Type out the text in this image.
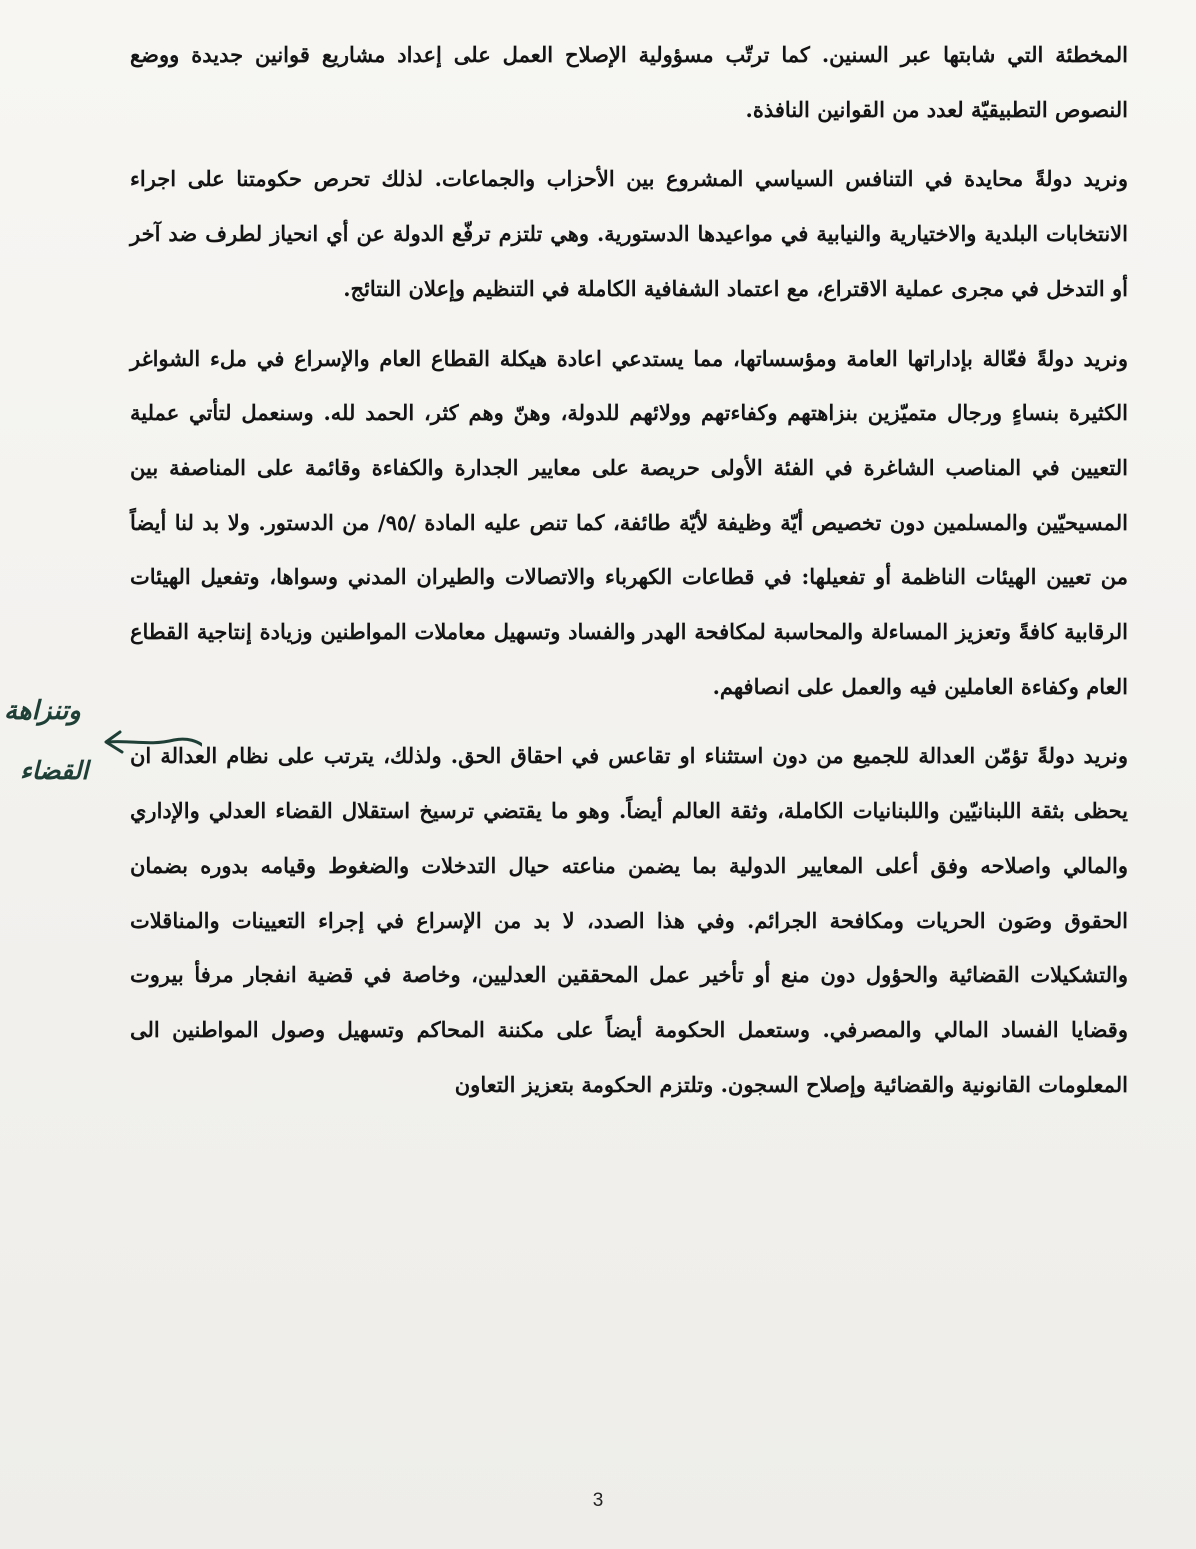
المخطئة التي شابتها عبر السنين. كما ترتّب مسؤولية الإصلاح العمل على إعداد مشاريع قوانين جديدة ووضع النصوص التطبيقيّة لعدد من القوانين النافذة.

ونريد دولةً محايدة في التنافس السياسي المشروع بين الأحزاب والجماعات. لذلك تحرص حكومتنا على اجراء الانتخابات البلدية والاختيارية والنيابية في مواعيدها الدستورية. وهي تلتزم ترفّع الدولة عن أي انحياز لطرف ضد آخر أو التدخل في مجرى عملية الاقتراع، مع اعتماد الشفافية الكاملة في التنظيم وإعلان النتائج.

ونريد دولةً فعّالة بإداراتها العامة ومؤسساتها، مما يستدعي اعادة هيكلة القطاع العام والإسراع في ملء الشواغر الكثيرة بنساءٍ ورجال متميّزين بنزاهتهم وكفاءتهم وولائهم للدولة، وهنّ وهم كثر، الحمد لله. وسنعمل لتأتي عملية التعيين في المناصب الشاغرة في الفئة الأولى حريصة على معايير الجدارة والكفاءة وقائمة على المناصفة بين المسيحيّين والمسلمين دون تخصيص أيّة وظيفة لأيّة طائفة، كما تنص عليه المادة /٩٥/ من الدستور. ولا بد لنا أيضاً من تعيين الهيئات الناظمة أو تفعيلها: في قطاعات الكهرباء والاتصالات والطيران المدني وسواها، وتفعيل الهيئات الرقابية كافةً وتعزيز المساءلة والمحاسبة لمكافحة الهدر والفساد وتسهيل معاملات المواطنين وزيادة إنتاجية القطاع العام وكفاءة العاملين فيه والعمل على انصافهم.

ونريد دولةً تؤمّن العدالة للجميع من دون استثناء او تقاعس في احقاق الحق. ولذلك، يترتب على نظام العدالة ان يحظى بثقة اللبنانيّين واللبنانيات الكاملة، وثقة العالم أيضاً. وهو ما يقتضي ترسيخ استقلال القضاء العدلي والإداري والمالي واصلاحه وفق أعلى المعايير الدولية بما يضمن مناعته حيال التدخلات والضغوط وقيامه بدوره بضمان الحقوق وصَون الحريات ومكافحة الجرائم. وفي هذا الصدد، لا بد من الإسراع في إجراء التعيينات والمناقلات والتشكيلات القضائية والحؤول دون منع أو تأخير عمل المحققين العدليين، وخاصة في قضية انفجار مرفأ بيروت وقضايا الفساد المالي والمصرفي. وستعمل الحكومة أيضاً على مكننة المحاكم وتسهيل وصول المواطنين الى المعلومات القانونية والقضائية وإصلاح السجون. وتلتزم الحكومة بتعزيز التعاون

وتنزاهة
القضاء
3
